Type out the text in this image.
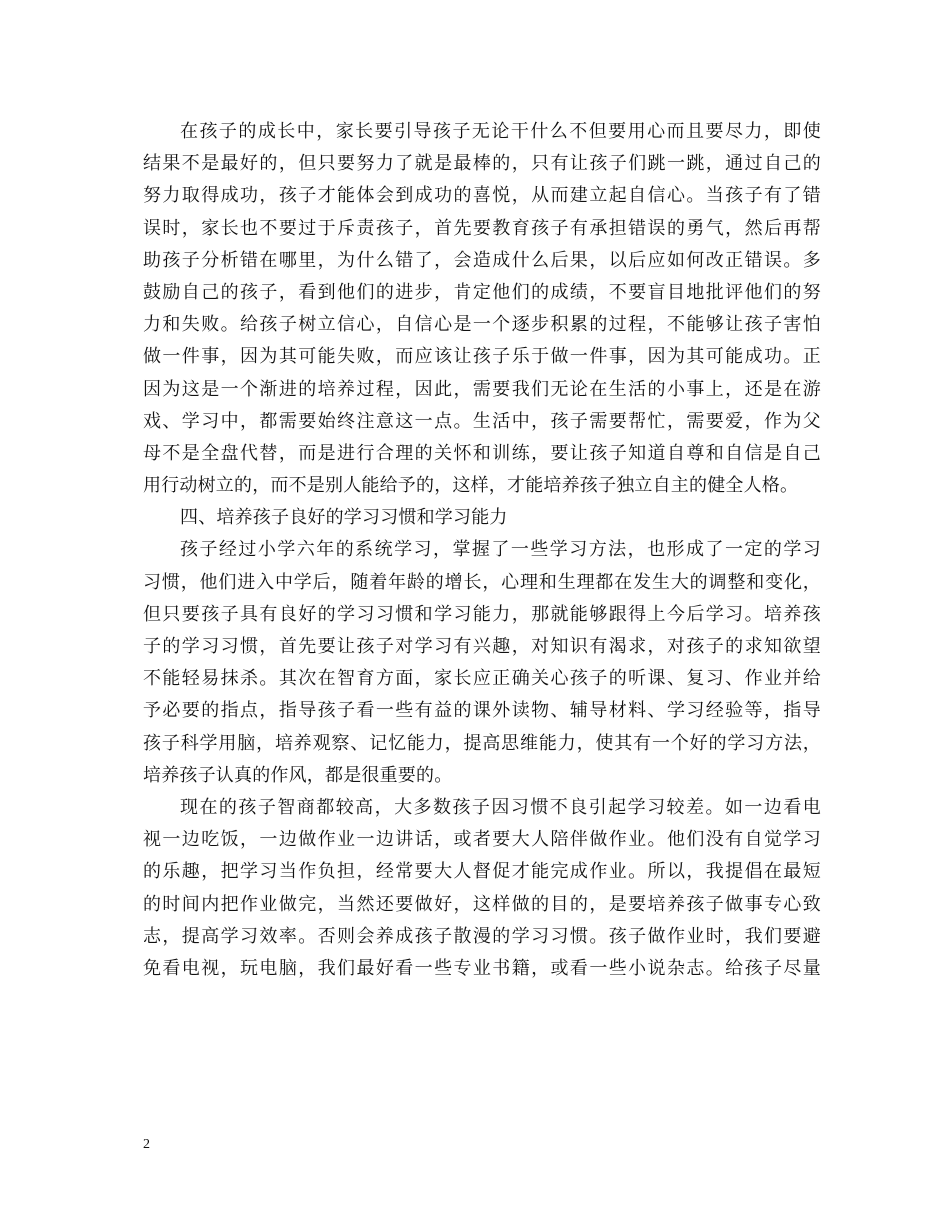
在孩子的成长中，家长要引导孩子无论干什么不但要用心而且要尽力，即使
结果不是最好的，但只要努力了就是最棒的，只有让孩子们跳一跳，通过自己的
努力取得成功，孩子才能体会到成功的喜悦，从而建立起自信心。当孩子有了错
误时，家长也不要过于斥责孩子，首先要教育孩子有承担错误的勇气，然后再帮
助孩子分析错在哪里，为什么错了，会造成什么后果，以后应如何改正错误。多
鼓励自己的孩子，看到他们的进步，肯定他们的成绩，不要盲目地批评他们的努
力和失败。给孩子树立信心，自信心是一个逐步积累的过程，不能够让孩子害怕
做一件事，因为其可能失败，而应该让孩子乐于做一件事，因为其可能成功。正
因为这是一个渐进的培养过程，因此，需要我们无论在生活的小事上，还是在游
戏、学习中，都需要始终注意这一点。生活中，孩子需要帮忙，需要爱，作为父
母不是全盘代替，而是进行合理的关怀和训练，要让孩子知道自尊和自信是自己
用行动树立的，而不是别人能给予的，这样，才能培养孩子独立自主的健全人格。
四、培养孩子良好的学习习惯和学习能力
孩子经过小学六年的系统学习，掌握了一些学习方法，也形成了一定的学习
习惯，他们进入中学后，随着年龄的增长，心理和生理都在发生大的调整和变化，
但只要孩子具有良好的学习习惯和学习能力，那就能够跟得上今后学习。培养孩
子的学习习惯，首先要让孩子对学习有兴趣，对知识有渴求，对孩子的求知欲望
不能轻易抹杀。其次在智育方面，家长应正确关心孩子的听课、复习、作业并给
予必要的指点，指导孩子看一些有益的课外读物、辅导材料、学习经验等，指导
孩子科学用脑，培养观察、记忆能力，提高思维能力，使其有一个好的学习方法，
培养孩子认真的作风，都是很重要的。
现在的孩子智商都较高，大多数孩子因习惯不良引起学习较差。如一边看电
视一边吃饭，一边做作业一边讲话，或者要大人陪伴做作业。他们没有自觉学习
的乐趣，把学习当作负担，经常要大人督促才能完成作业。所以，我提倡在最短
的时间内把作业做完，当然还要做好，这样做的目的，是要培养孩子做事专心致
志，提高学习效率。否则会养成孩子散漫的学习习惯。孩子做作业时，我们要避
免看电视，玩电脑，我们最好看一些专业书籍，或看一些小说杂志。给孩子尽量
2
